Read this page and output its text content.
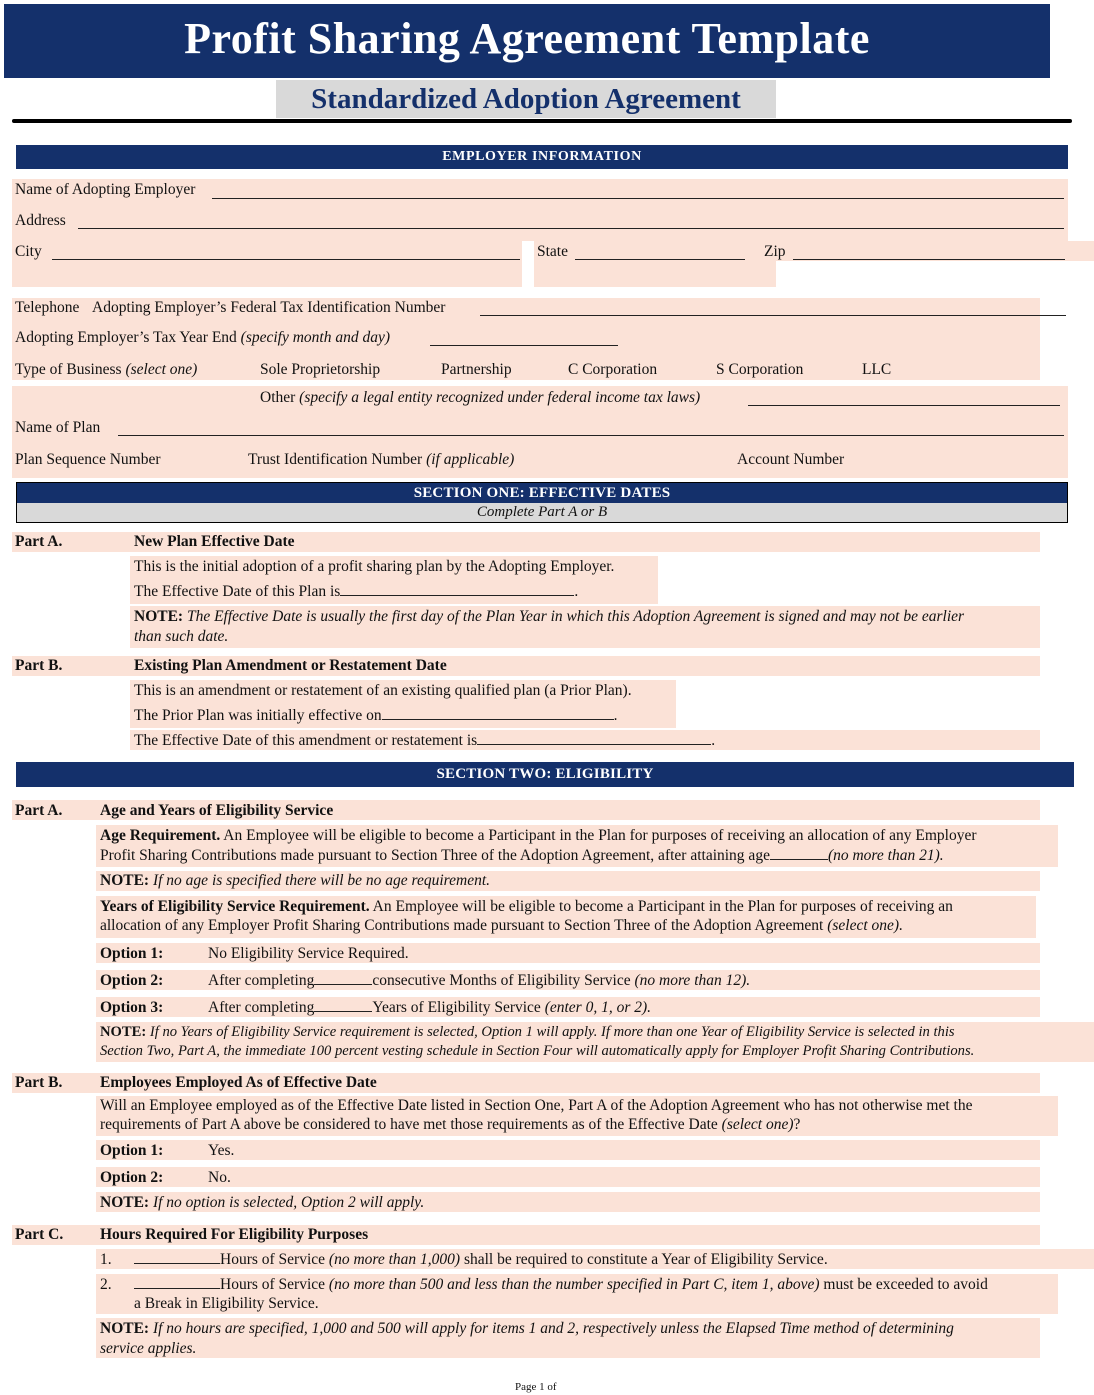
Profit Sharing Agreement Template
Standardized Adoption Agreement
EMPLOYER INFORMATION
Name of Adopting Employer
Address
City	State	Zip
Telephone Adopting Employer’s Federal Tax Identification Number
Adopting Employer’s Tax Year End (specify month and day)
Type of Business (select one)	Sole Proprietorship	Partnership	C Corporation	S Corporation	LLC
Other (specify a legal entity recognized under federal income tax laws)
Name of Plan
Plan Sequence Number	Trust Identification Number (if applicable)	Account Number
SECTION ONE: EFFECTIVE DATES
Complete Part A or B
Part A.	New Plan Effective Date
This is the initial adoption of a profit sharing plan by the Adopting Employer.
The Effective Date of this Plan is	.
NOTE: The Effective Date is usually the first day of the Plan Year in which this Adoption Agreement is signed and may not be earlier
than such date.
Part B.	Existing Plan Amendment or Restatement Date
This is an amendment or restatement of an existing qualified plan (a Prior Plan).
The Prior Plan was initially effective on	.
The Effective Date of this amendment or restatement is	.
SECTION TWO: ELIGIBILITY
Part A. Age and Years of Eligibility Service
Age Requirement. An Employee will be eligible to become a Participant in the Plan for purposes of receiving an allocation of any Employer
Profit Sharing Contributions made pursuant to Section Three of the Adoption Agreement, after attaining age	(no more than 21).
NOTE: If no age is specified there will be no age requirement.
Years of Eligibility Service Requirement. An Employee will be eligible to become a Participant in the Plan for purposes of receiving an
allocation of any Employer Profit Sharing Contributions made pursuant to Section Three of the Adoption Agreement (select one).
Option 1:	No Eligibility Service Required.
Option 2:	After completing	consecutive Months of Eligibility Service (no more than 12).
Option 3:	After completing	Years of Eligibility Service (enter 0, 1, or 2).
NOTE: If no Years of Eligibility Service requirement is selected, Option 1 will apply. If more than one Year of Eligibility Service is selected in this
Section Two, Part A, the immediate 100 percent vesting schedule in Section Four will automatically apply for Employer Profit Sharing Contributions.
Part B. Employees Employed As of Effective Date
Will an Employee employed as of the Effective Date listed in Section One, Part A of the Adoption Agreement who has not otherwise met the
requirements of Part A above be considered to have met those requirements as of the Effective Date (select one)?
Option 1:	Yes.
Option 2:	No.
NOTE: If no option is selected, Option 2 will apply.
Part C. Hours Required For Eligibility Purposes
1.	Hours of Service (no more than 1,000) shall be required to constitute a Year of Eligibility Service.
2.	Hours of Service (no more than 500 and less than the number specified in Part C, item 1, above) must be exceeded to avoid
a Break in Eligibility Service.
NOTE: If no hours are specified, 1,000 and 500 will apply for items 1 and 2, respectively unless the Elapsed Time method of determining
service applies.
Page 1 of
